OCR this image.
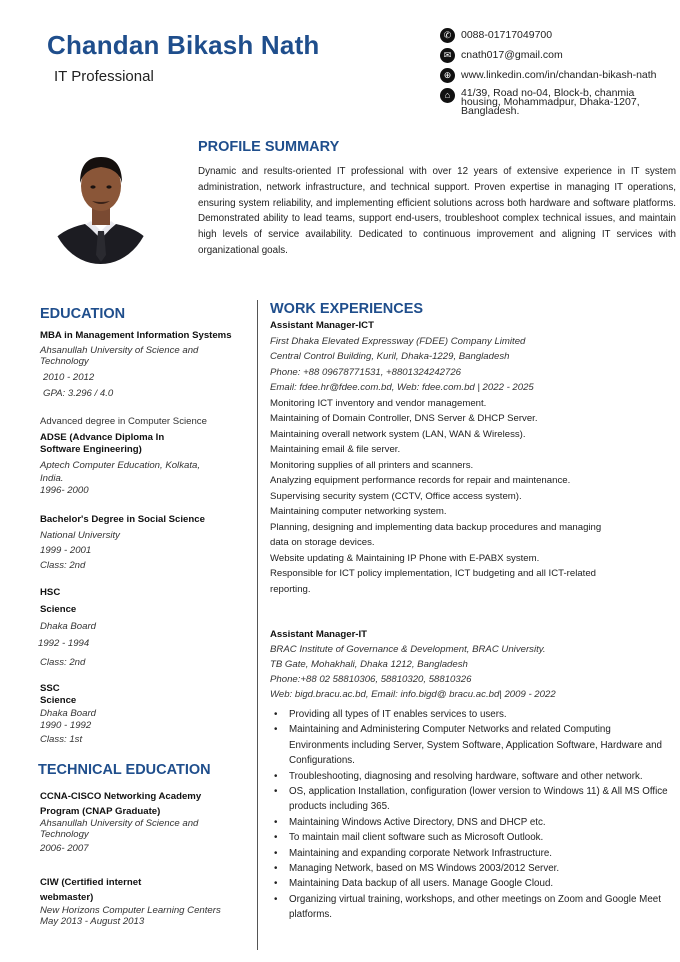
Chandan Bikash Nath
IT Professional
✆ 0088-01717049700
✉ cnath017@gmail.com
⊕ www.linkedin.com/in/chandan-bikash-nath
⌂	41/39, Road no-04, Block-b, chanmia
housing, Mohammadpur, Dhaka-1207,
Bangladesh.
PROFILE SUMMARY
Dynamic and results-oriented IT professional with over 12 years of extensive experience in IT system administration, network infrastructure, and technical support. Proven expertise in managing IT operations, ensuring system reliability, and implementing efficient solutions across both hardware and software platforms. Demonstrated ability to lead teams, support end-users, troubleshoot complex technical issues, and maintain high levels of service availability. Dedicated to continuous improvement and aligning IT services with organizational goals.
EDUCATION
MBA in Management Information Systems
Ahsanullah University of Science and
Technology
2010 - 2012
GPA: 3.296 / 4.0
Advanced degree in Computer Science
ADSE (Advance Diploma In
Software Engineering)
Aptech Computer Education, Kolkata,
India.
1996- 2000
Bachelor's Degree in Social Science
National University
1999 - 2001
Class: 2nd
HSC
Science
Dhaka Board
1992 - 1994
Class: 2nd
SSC
Science
Dhaka Board
1990 - 1992
Class: 1st
TECHNICAL EDUCATION
CCNA-CISCO Networking Academy
Program (CNAP Graduate)
Ahsanullah University of Science and
Technology
2006- 2007
CIW (Certified internet
webmaster)
New Horizons Computer Learning Centers
May 2013 - August 2013
WORK EXPERIENCES
Assistant Manager-ICT
First Dhaka Elevated Expressway (FDEE) Company Limited
Central Control Building, Kuril, Dhaka-1229, Bangladesh
Phone: +88 09678771531, +8801324242726
Email: fdee.hr@fdee.com.bd, Web: fdee.com.bd | 2022 - 2025
Monitoring ICT inventory and vendor management.
Maintaining of Domain Controller, DNS Server & DHCP Server.
Maintaining overall network system (LAN, WAN & Wireless).
Maintaining email & file server.
Monitoring supplies of all printers and scanners.
Analyzing equipment performance records for repair and maintenance.
Supervising security system (CCTV, Office access system).
Maintaining computer networking system.
Planning, designing and implementing data backup procedures and managing
data on storage devices.
Website updating & Maintaining IP Phone with E-PABX system.
Responsible for ICT policy implementation, ICT budgeting and all ICT-related
reporting.
Assistant Manager-IT
BRAC Institute of Governance & Development, BRAC University.
TB Gate, Mohakhali, Dhaka 1212, Bangladesh
Phone:+88 02 58810306, 58810320, 58810326
Web: bigd.bracu.ac.bd, Email: info.bigd@ bracu.ac.bd| 2009 - 2022
• Providing all types of IT enables services to users.
• Maintaining and Administering Computer Networks and related Computing Environments including Server, System Software, Application Software, Hardware and Configurations.
• Troubleshooting, diagnosing and resolving hardware, software and other network.
• OS, application Installation, configuration (lower version to Windows 11) & All MS Office products including 365.
• Maintaining Windows Active Directory, DNS and DHCP etc.
• To maintain mail client software such as Microsoft Outlook.
• Maintaining and expanding corporate Network Infrastructure.
• Managing Network, based on MS Windows 2003/2012 Server.
• Maintaining Data backup of all users. Manage Google Cloud.
• Organizing virtual training, workshops, and other meetings on Zoom and Google Meet platforms.
